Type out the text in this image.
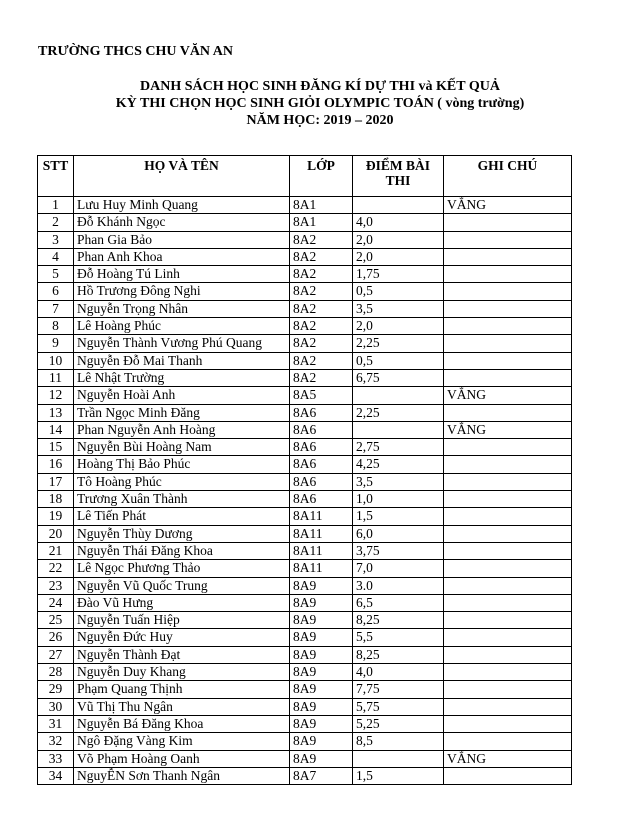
TRƯỜNG THCS CHU VĂN AN
DANH SÁCH HỌC SINH ĐĂNG KÍ DỰ THI và KẾT QUẢ
KỲ THI CHỌN HỌC SINH GIỎI OLYMPIC TOÁN ( vòng trường)
NĂM HỌC: 2019 – 2020
STT	HỌ VÀ TÊN	LỚP	ĐIỂM BÀI THI	GHI CHÚ
1	Lưu Huy Minh Quang	8A1		VẮNG
2	Đỗ Khánh Ngọc	8A1	4,0	
3	Phan Gia Bảo	8A2	2,0	
4	Phan Anh Khoa	8A2	2,0	
5	Đỗ Hoàng Tú Linh	8A2	1,75	
6	Hồ Trương Đông Nghi	8A2	0,5	
7	Nguyễn Trọng Nhân	8A2	3,5	
8	Lê Hoàng Phúc	8A2	2,0	
9	Nguyễn Thành Vương Phú Quang	8A2	2,25	
10	Nguyễn Đỗ Mai Thanh	8A2	0,5	
11	Lê Nhật Trường	8A2	6,75	
12	Nguyễn Hoài Anh	8A5		VẮNG
13	Trần Ngọc Minh Đăng	8A6	2,25	
14	Phan Nguyễn Anh Hoàng	8A6		VẮNG
15	Nguyễn Bùi Hoàng Nam	8A6	2,75	
16	Hoàng Thị Bảo Phúc	8A6	4,25	
17	Tô Hoàng Phúc	8A6	3,5	
18	Trương Xuân Thành	8A6	1,0	
19	Lê Tiến Phát	8A11	1,5	
20	Nguyễn Thùy Dương	8A11	6,0	
21	Nguyễn Thái Đăng Khoa	8A11	3,75	
22	Lê Ngọc Phương Thảo	8A11	7,0	
23	Nguyễn Vũ Quốc Trung	8A9	3.0	
24	Đào Vũ Hưng	8A9	6,5	
25	Nguyễn Tuấn Hiệp	8A9	8,25	
26	Nguyễn Đức Huy	8A9	5,5	
27	Nguyễn Thành Đạt	8A9	8,25	
28	Nguyễn Duy Khang	8A9	4,0	
29	Phạm Quang Thịnh	8A9	7,75	
30	Vũ Thị Thu Ngân	8A9	5,75	
31	Nguyễn Bá Đăng Khoa	8A9	5,25	
32	Ngô Đặng Vàng Kim	8A9	8,5	
33	Võ Phạm Hoàng Oanh	8A9		VẮNG
34	NguyỄN Sơn Thanh Ngân	8A7	1,5	
